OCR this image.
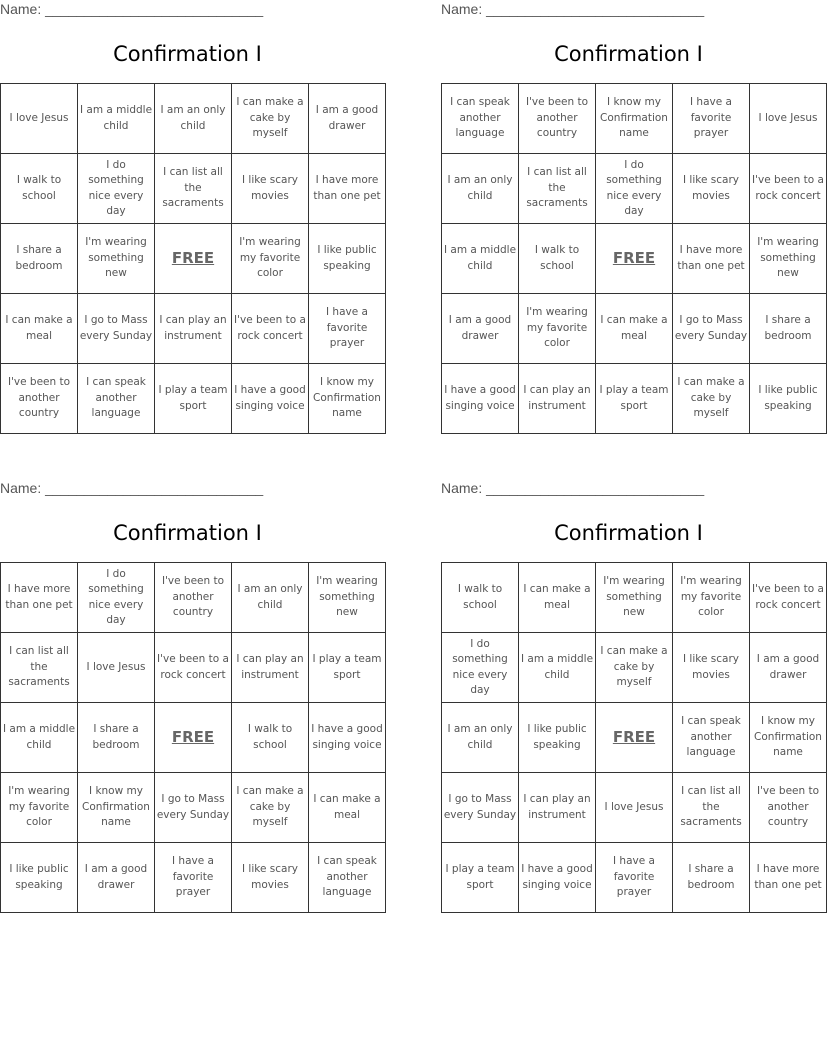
Name: ____________________________
Confirmation I
I love Jesus	I am a middle child	I am an only child	I can make a cake by myself	I am a good drawer
I walk to school	I do something nice every day	I can list all the sacraments	I like scary movies	I have more than one pet
I share a bedroom	I'm wearing something new	FREE	I'm wearing my favorite color	I like public speaking
I can make a meal	I go to Mass every Sunday	I can play an instrument	I've been to a rock concert	I have a favorite prayer
I've been to another country	I can speak another language	I play a team sport	I have a good singing voice	I know my Confirmation name
Name: ____________________________
Confirmation I
I can speak another language	I've been to another country	I know my Confirmation name	I have a favorite prayer	I love Jesus
I am an only child	I can list all the sacraments	I do something nice every day	I like scary movies	I've been to a rock concert
I am a middle child	I walk to school	FREE	I have more than one pet	I'm wearing something new
I am a good drawer	I'm wearing my favorite color	I can make a meal	I go to Mass every Sunday	I share a bedroom
I have a good singing voice	I can play an instrument	I play a team sport	I can make a cake by myself	I like public speaking
Name: ____________________________
Confirmation I
I have more than one pet	I do something nice every day	I've been to another country	I am an only child	I'm wearing something new
I can list all the sacraments	I love Jesus	I've been to a rock concert	I can play an instrument	I play a team sport
I am a middle child	I share a bedroom	FREE	I walk to school	I have a good singing voice
I'm wearing my favorite color	I know my Confirmation name	I go to Mass every Sunday	I can make a cake by myself	I can make a meal
I like public speaking	I am a good drawer	I have a favorite prayer	I like scary movies	I can speak another language
Name: ____________________________
Confirmation I
I walk to school	I can make a meal	I'm wearing something new	I'm wearing my favorite color	I've been to a rock concert
I do something nice every day	I am a middle child	I can make a cake by myself	I like scary movies	I am a good drawer
I am an only child	I like public speaking	FREE	I can speak another language	I know my Confirmation name
I go to Mass every Sunday	I can play an instrument	I love Jesus	I can list all the sacraments	I've been to another country
I play a team sport	I have a good singing voice	I have a favorite prayer	I share a bedroom	I have more than one pet
